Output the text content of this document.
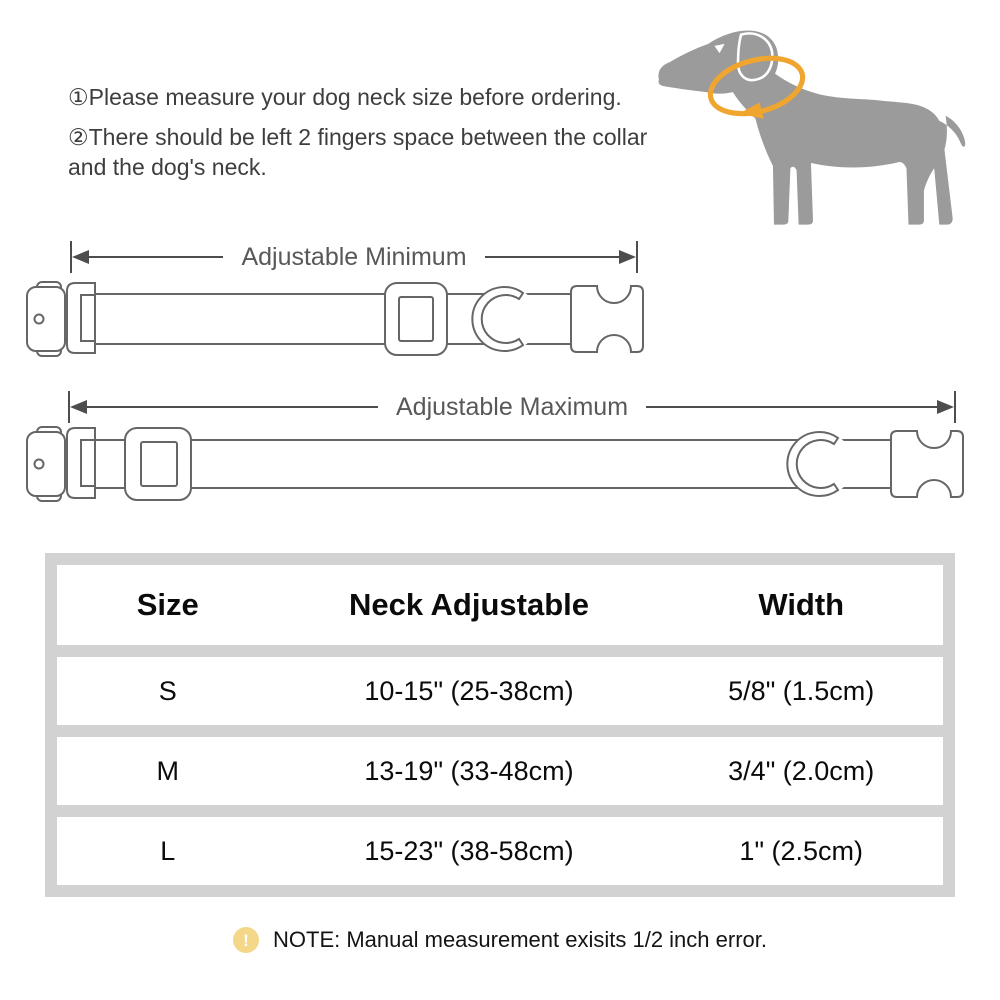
①Please measure your dog neck size before ordering.

②There should be left 2 fingers space between the collar and the dog's neck.

Adjustable Minimum
Adjustable Maximum
Size	Neck Adjustable	Width
S	10-15" (25-38cm)	5/8" (1.5cm)
M	13-19" (33-48cm)	3/4" (2.0cm)
L	15-23" (38-58cm)	1" (2.5cm)
!	NOTE: Manual measurement exisits 1/2 inch error.
